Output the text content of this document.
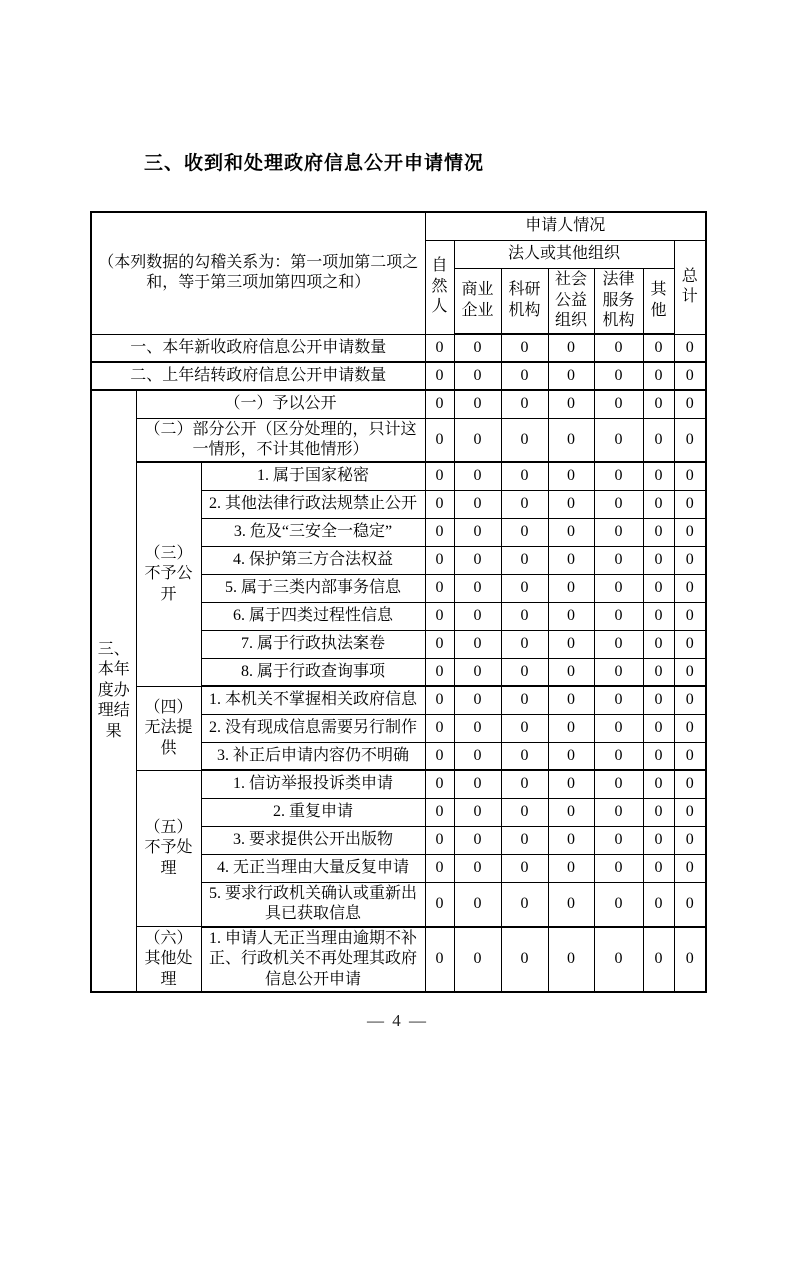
三、收到和处理政府信息公开申请情况
（本列数据的勾稽关系为：第一项加第二项之和，等于第三项加第四项之和）			申请人情况						
			自然人	法人或其他组织					总计
				商业企业	科研机构	社会公益组织	法律服务机构	其他	
一、本年新收政府信息公开申请数量			0	0	0	0	0	0	0
二、上年结转政府信息公开申请数量			0	0	0	0	0	0	0
三、本年度办理结果	（一）予以公开		0	0	0	0	0	0	0
	（二）部分公开（区分处理的，只计这一情形，不计其他情形）		0	0	0	0	0	0	0
	（三）不予公开	1. 属于国家秘密	0	0	0	0	0	0	0
		2. 其他法律行政法规禁止公开	0	0	0	0	0	0	0
		3. 危及“三安全一稳定”	0	0	0	0	0	0	0
		4. 保护第三方合法权益	0	0	0	0	0	0	0
		5. 属于三类内部事务信息	0	0	0	0	0	0	0
		6. 属于四类过程性信息	0	0	0	0	0	0	0
		7. 属于行政执法案卷	0	0	0	0	0	0	0
		8. 属于行政查询事项	0	0	0	0	0	0	0
	（四）无法提供	1. 本机关不掌握相关政府信息	0	0	0	0	0	0	0
		2. 没有现成信息需要另行制作	0	0	0	0	0	0	0
		3. 补正后申请内容仍不明确	0	0	0	0	0	0	0
	（五）不予处理	1. 信访举报投诉类申请	0	0	0	0	0	0	0
		2. 重复申请	0	0	0	0	0	0	0
		3. 要求提供公开出版物	0	0	0	0	0	0	0
		4. 无正当理由大量反复申请	0	0	0	0	0	0	0
		5. 要求行政机关确认或重新出具已获取信息	0	0	0	0	0	0	0
	（六）其他处理	1. 申请人无正当理由逾期不补正、行政机关不再处理其政府信息公开申请	0	0	0	0	0	0	0
— 4 —
